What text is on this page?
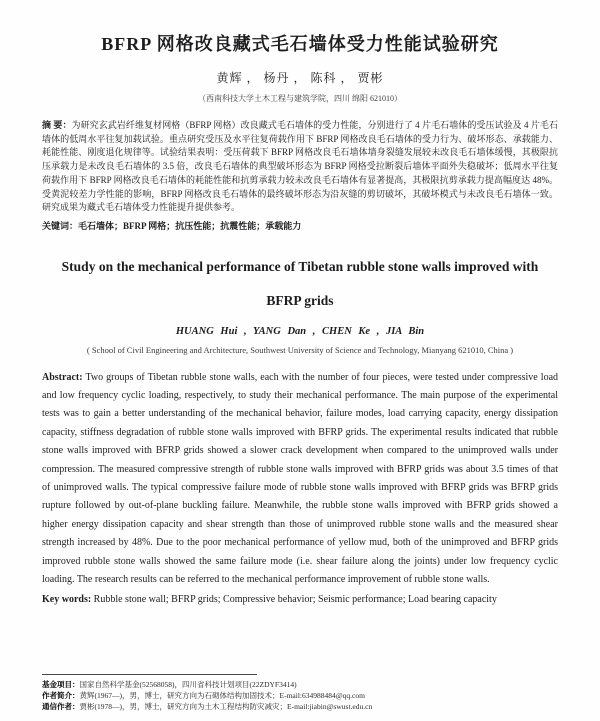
BFRP 网格改良藏式毛石墙体受力性能试验研究
黄辉 ， 杨丹 ， 陈科 ， 贾彬
（西南科技大学土木工程与建筑学院，四川 绵阳 621010）

摘 要：为研究玄武岩纤维复材网格（BFRP 网格）改良藏式毛石墙体的受力性能，分别进行了 4 片毛石墙体的受压试验及 4 片毛石墙体的低周水平往复加载试验。重点研究受压及水平往复荷载作用下 BFRP 网格改良毛石墙体的受力行为、破坏形态、承载能力、耗能性能、刚度退化规律等。试验结果表明：受压荷载下 BFRP 网格改良毛石墙体墙身裂缝发展较未改良毛石墙体缓慢，其极限抗压承载力是未改良毛石墙体的 3.5 倍，改良毛石墙体的典型破坏形态为 BFRP 网格受拉断裂后墙体平面外失稳破坏；低周水平往复荷载作用下 BFRP 网格改良毛石墙体的耗能性能和抗剪承载力较未改良毛石墙体有显著提高，其极限抗剪承载力提高幅度达 48%。受黄泥较差力学性能的影响，BFRP 网格改良毛石墙体的最终破坏形态为沿灰缝的剪切破坏，其破坏模式与未改良毛石墙体一致。研究成果为藏式毛石墙体受力性能提升提供参考。

关键词：毛石墙体；BFRP 网格；抗压性能；抗震性能；承载能力

Study on the mechanical performance of Tibetan rubble stone walls improved with BFRP grids
HUANG Hui , YANG Dan , CHEN Ke , JIA Bin
( School of Civil Engineering and Architecture, Southwest University of Science and Technology, Mianyang 621010, China )

Abstract: Two groups of Tibetan rubble stone walls, each with the number of four pieces, were tested under compressive load and low frequency cyclic loading, respectively, to study their mechanical performance. The main purpose of the experimental tests was to gain a better understanding of the mechanical behavior, failure modes, load carrying capacity, energy dissipation capacity, stiffness degradation of rubble stone walls improved with BFRP grids. The experimental results indicated that rubble stone walls improved with BFRP grids showed a slower crack development when compared to the unimproved walls under compression. The measured compressive strength of rubble stone walls improved with BFRP grids was about 3.5 times of that of unimproved walls. The typical compressive failure mode of rubble stone walls improved with BFRP grids was BFRP grids rupture followed by out-of-plane buckling failure. Meanwhile, the rubble stone walls improved with BFRP grids showed a higher energy dissipation capacity and shear strength than those of unimproved rubble stone walls and the measured shear strength increased by 48%. Due to the poor mechanical performance of yellow mud, both of the unimproved and BFRP grids improved rubble stone walls showed the same failure mode (i.e. shear failure along the joints) under low frequency cyclic loading. The research results can be referred to the mechanical performance improvement of rubble stone walls.

Key words: Rubble stone wall; BFRP grids; Compressive behavior; Seismic performance; Load bearing capacity

基金项目：国家自然科学基金(52568058)，四川省科技计划项目(22ZDYF3414)
作者简介：黄辉(1967—)，男，博士，研究方向为石砌体结构加固技术；E-mail:634988484@qq.com
通信作者：贾彬(1978—)，男，博士，研究方向为土木工程结构防灾减灾；E-mail:jiabin@swust.edu.cn
